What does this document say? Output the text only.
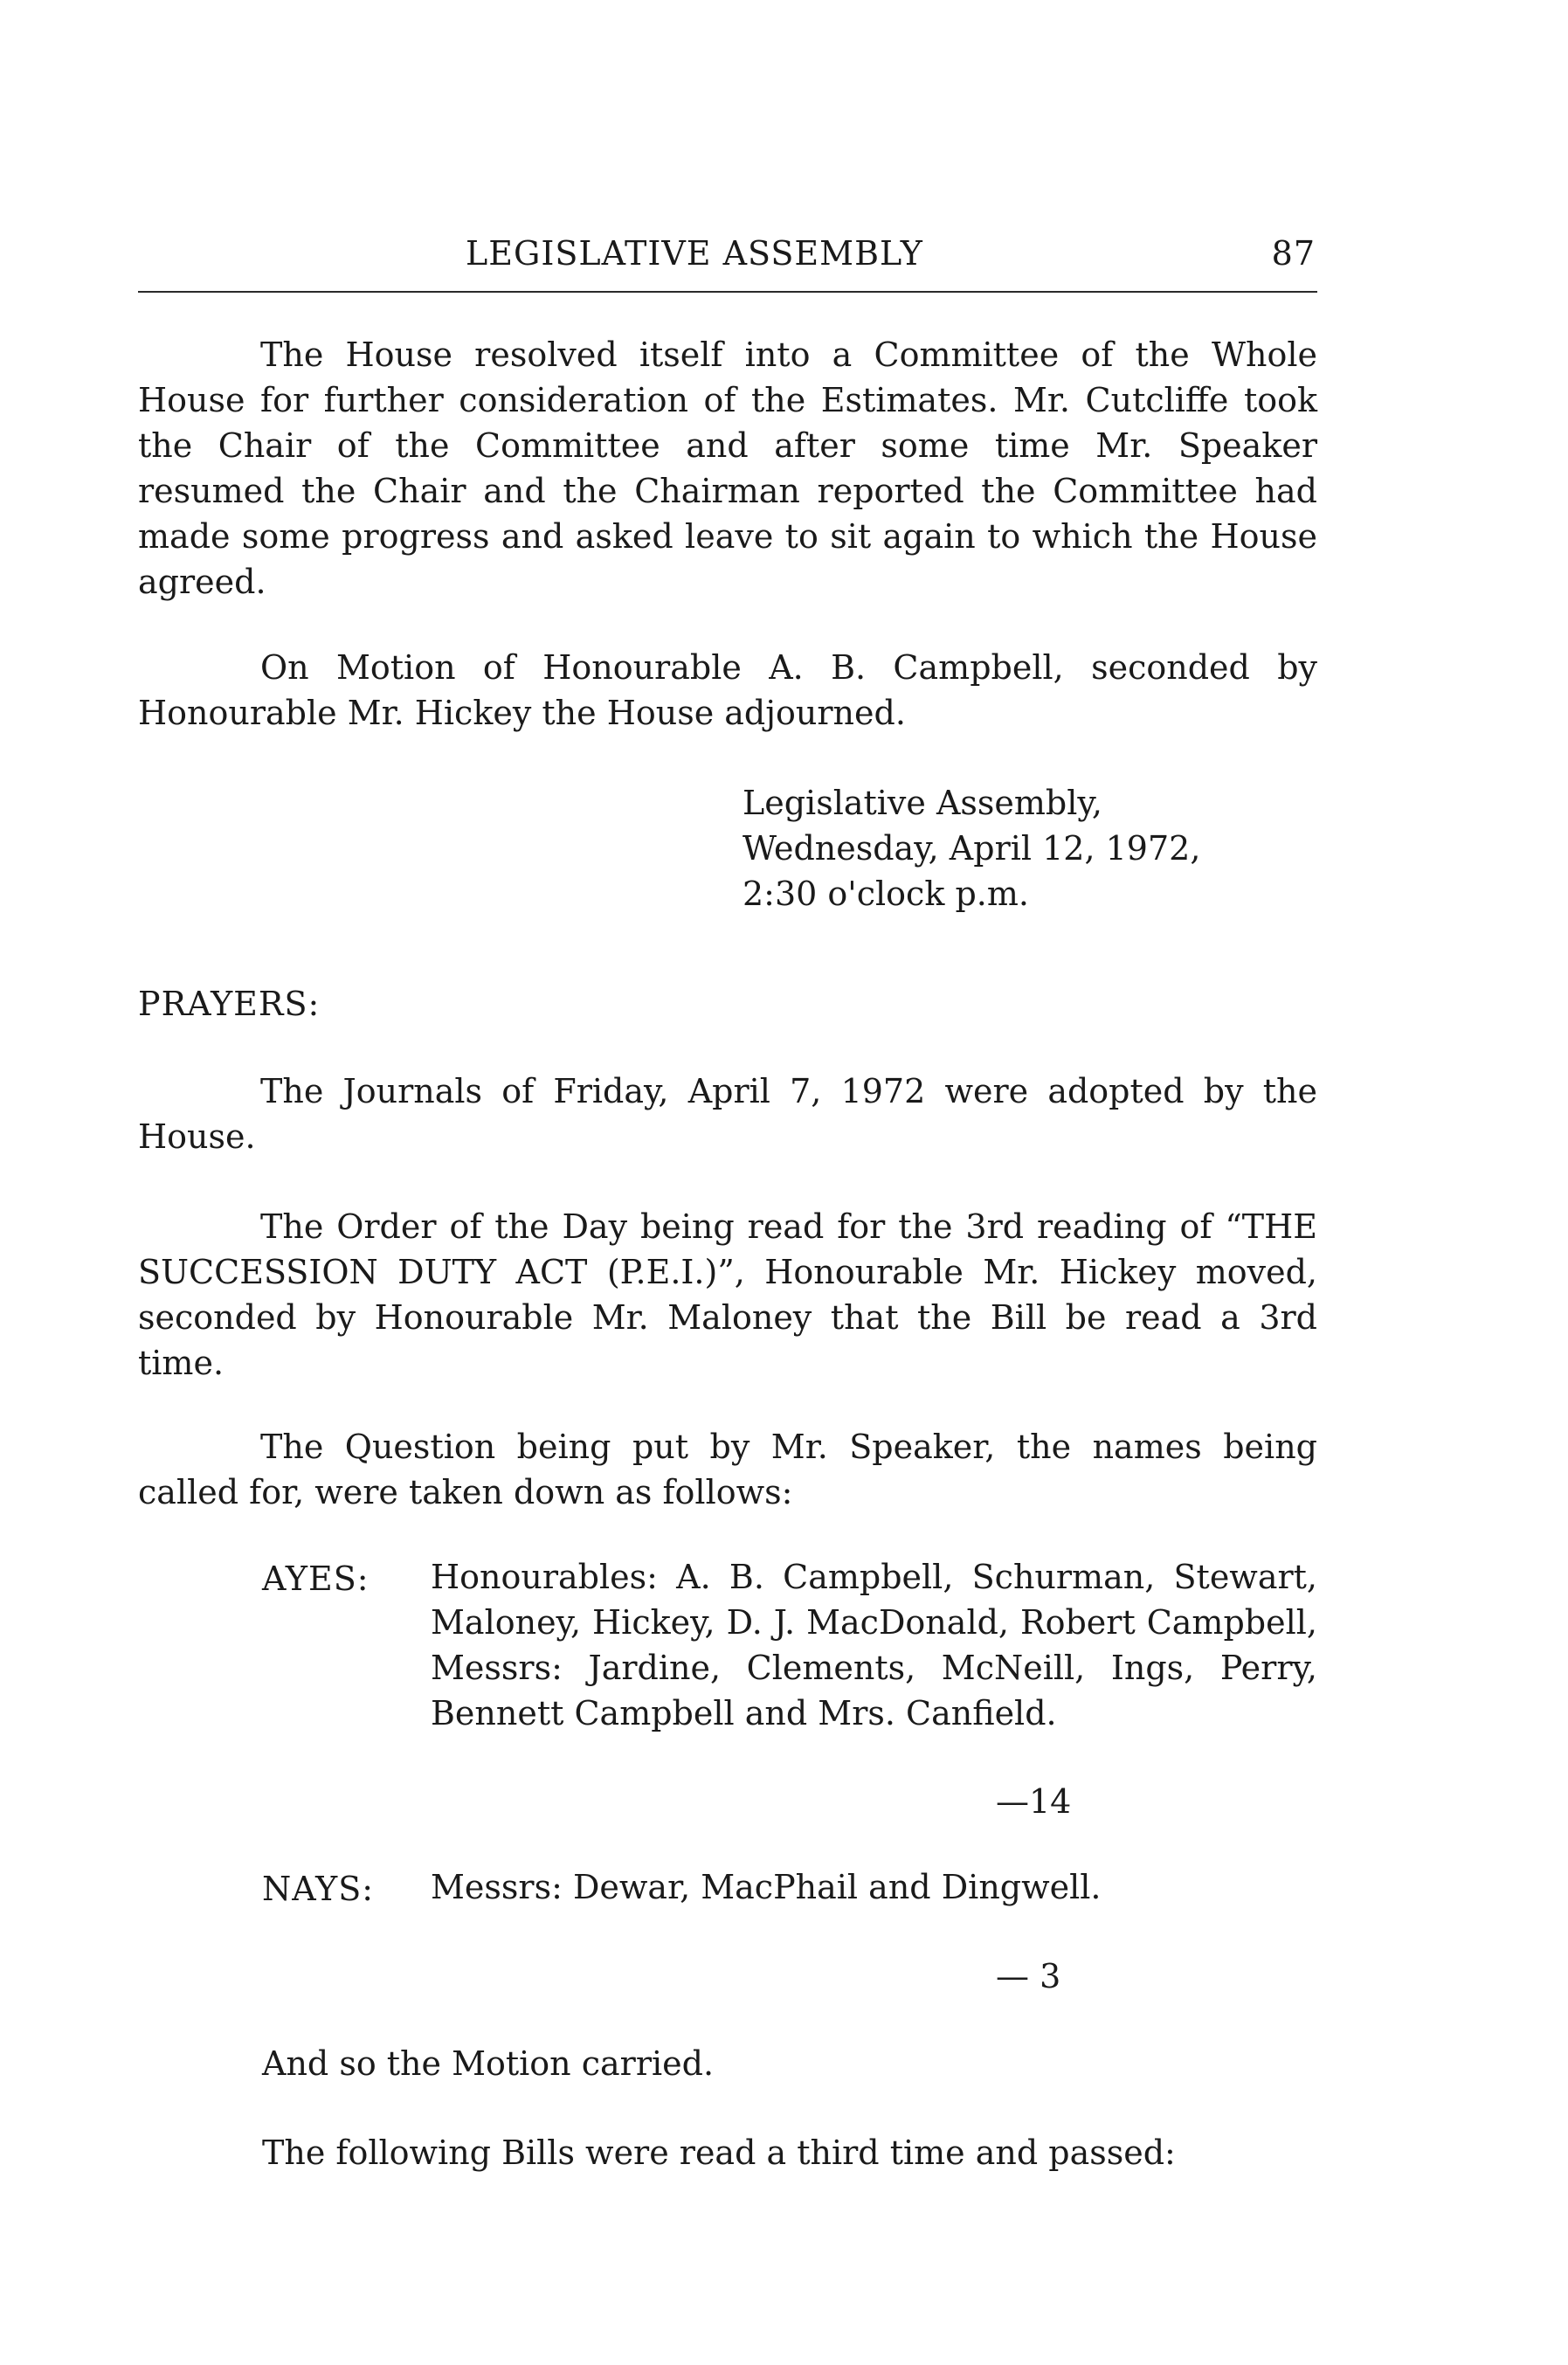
LEGISLATIVE ASSEMBLY	87

The House resolved itself into a Committee of the Whole House for further consideration of the Estimates. Mr. Cutcliffe took the Chair of the Committee and after some time Mr. Speaker resumed the Chair and the Chairman reported the Committee had made some progress and asked leave to sit again to which the House agreed.

On Motion of Honourable A. B. Campbell, seconded by Honourable Mr. Hickey the House adjourned.

Legislative Assembly,
Wednesday, April 12, 1972,
2:30 o'clock p.m.
PRAYERS:

The Journals of Friday, April 7, 1972 were adopted by the House.

The Order of the Day being read for the 3rd reading of “THE SUCCESSION DUTY ACT (P.E.I.)”, Honourable Mr. Hickey moved, seconded by Honourable Mr. Maloney that the Bill be read a 3rd time.

The Question being put by Mr. Speaker, the names being called for, were taken down as follows:

AYES: Honourables: A. B. Campbell, Schurman, Stewart, Maloney, Hickey, D. J. MacDonald, Robert Campbell, Messrs: Jardine, Clements, McNeill, Ings, Perry, Bennett Campbell and Mrs. Canfield.

—14
NAYS: Messrs: Dewar, MacPhail and Dingwell.
— 3
And so the Motion carried.
The following Bills were read a third time and passed:
